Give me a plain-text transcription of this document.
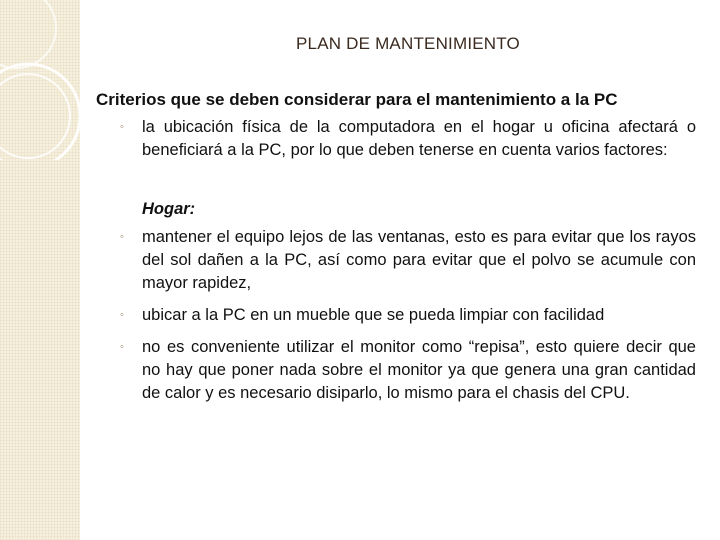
PLAN DE MANTENIMIENTO

Criterios que se deben considerar para el mantenimiento a la PC

◦ la ubicación física de la computadora en el hogar u oficina afectará o beneficiará a la PC, por lo que deben tenerse en cuenta varios factores:
Hogar:
◦ mantener el equipo lejos de las ventanas, esto es para evitar que los rayos del sol dañen a la PC, así como para evitar que el polvo se acumule con mayor rapidez,
◦ ubicar a la PC en un mueble que se pueda limpiar con facilidad
◦ no es conveniente utilizar el monitor como “repisa”, esto quiere decir que no hay que poner nada sobre el monitor ya que genera una gran cantidad de calor y es necesario disiparlo, lo mismo para el chasis del CPU.
